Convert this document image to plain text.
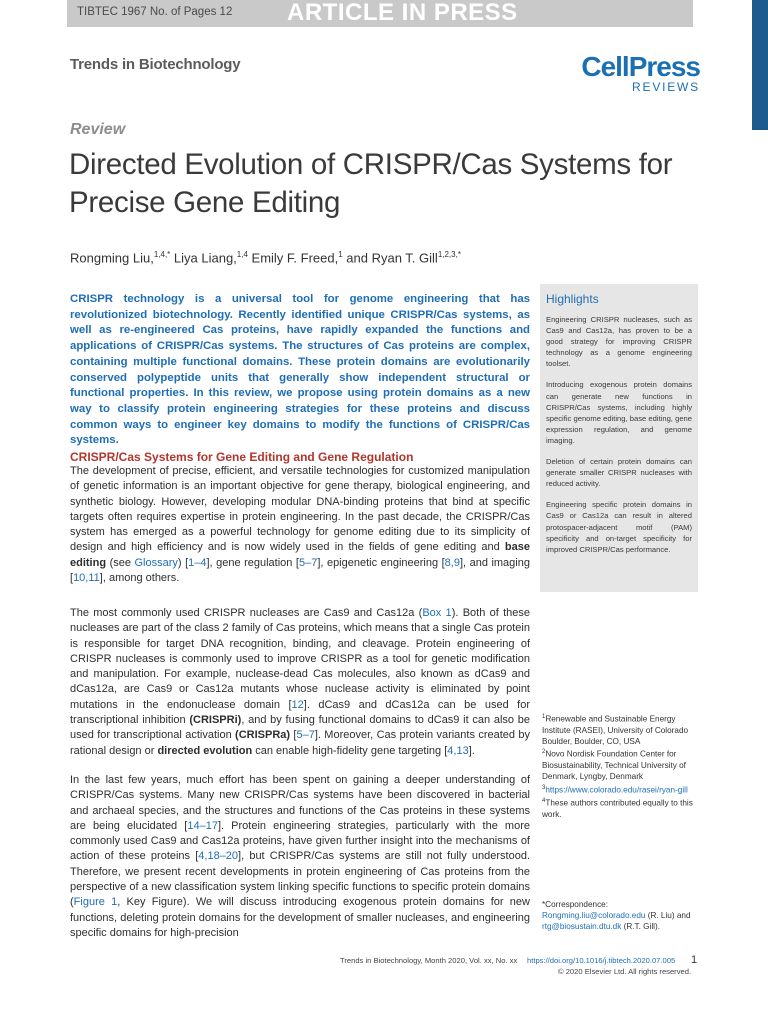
TIBTEC 1967 No. of Pages 12 ARTICLE IN PRESS
Trends in Biotechnology	CellPress
REVIEWS
Review
Directed Evolution of CRISPR/Cas Systems for Precise Gene Editing
Rongming Liu,$^{1,4,*}$ Liya Liang,$^{1,4}$ Emily F. Freed,$^1$ and Ryan T. Gill$^{1,2,3,*}$

CRISPR technology is a universal tool for genome engineering that has revolutionized biotechnology. Recently identified unique CRISPR/Cas systems, as well as re-engineered Cas proteins, have rapidly expanded the functions and applications of CRISPR/Cas systems. The structures of Cas proteins are complex, containing multiple functional domains. These protein domains are evolutionarily conserved polypeptide units that generally show independent structural or functional properties. In this review, we propose using protein domains as a new way to classify protein engineering strategies for these proteins and discuss common ways to engineer key domains to modify the functions of CRISPR/Cas systems.

CRISPR/Cas Systems for Gene Editing and Gene Regulation

The development of precise, efficient, and versatile technologies for customized manipulation of genetic information is an important objective for gene therapy, biological engineering, and synthetic biology. However, developing modular DNA-binding proteins that bind at specific targets often requires expertise in protein engineering. In the past decade, the CRISPR/Cas system has emerged as a powerful technology for genome editing due to its simplicity of design and high efficiency and is now widely used in the fields of gene editing and base editing (see Glossary) [1–4], gene regulation [5–7], epigenetic engineering [8,9], and imaging [10,11], among others.

The most commonly used CRISPR nucleases are Cas9 and Cas12a (Box 1). Both of these nucleases are part of the class 2 family of Cas proteins, which means that a single Cas protein is responsible for target DNA recognition, binding, and cleavage. Protein engineering of CRISPR nucleases is commonly used to improve CRISPR as a tool for genetic modification and manipulation. For example, nuclease-dead Cas molecules, also known as dCas9 and dCas12a, are Cas9 or Cas12a mutants whose nuclease activity is eliminated by point mutations in the endonuclease domain [12]. dCas9 and dCas12a can be used for transcriptional inhibition (CRISPRi), and by fusing functional domains to dCas9 it can also be used for transcriptional activation (CRISPRa) [5–7]. Moreover, Cas protein variants created by rational design or directed evolution can enable high-fidelity gene targeting [4,13].

In the last few years, much effort has been spent on gaining a deeper understanding of CRISPR/Cas systems. Many new CRISPR/Cas systems have been discovered in bacterial and archaeal species, and the structures and functions of the Cas proteins in these systems are being elucidated [14–17]. Protein engineering strategies, particularly with the more commonly used Cas9 and Cas12a proteins, have given further insight into the mechanisms of action of these proteins [4,18–20], but CRISPR/Cas systems are still not fully understood. Therefore, we present recent developments in protein engineering of Cas proteins from the perspective of a new classification system linking specific functions to specific protein domains (Figure 1, Key Figure). We will discuss introducing exogenous protein domains for new functions, deleting protein domains for the development of smaller nucleases, and engineering specific domains for high-precision

Highlights

Engineering CRISPR nucleases, such as Cas9 and Cas12a, has proven to be a good strategy for improving CRISPR technology as a genome engineering toolset.

Introducing exogenous protein domains can generate new functions in CRISPR/Cas systems, including highly specific genome editing, base editing, gene expression regulation, and genome imaging.

Deletion of certain protein domains can generate smaller CRISPR nucleases with reduced activity.

Engineering specific protein domains in Cas9 or Cas12a can result in altered protospacer-adjacent motif (PAM) specificity and on-target specificity for improved CRISPR/Cas performance.

$^1$Renewable and Sustainable Energy Institute (RASEI), University of Colorado Boulder, Boulder, CO, USA

$^2$Novo Nordisk Foundation Center for Biosustainability, Technical University of Denmark, Lyngby, Denmark

$^3$https://www.colorado.edu/rasei/ryan-gill

$^4$These authors contributed equally to this work.

*Correspondence:
Rongming.liu@colorado.edu (R. Liu) and
rtg@biosustain.dtu.dk (R.T. Gill).
Trends in Biotechnology, Month 2020, Vol. xx, No. xx https://doi.org/10.1016/j.tibtech.2020.07.005
© 2020 Elsevier Ltd. All rights reserved.
1
